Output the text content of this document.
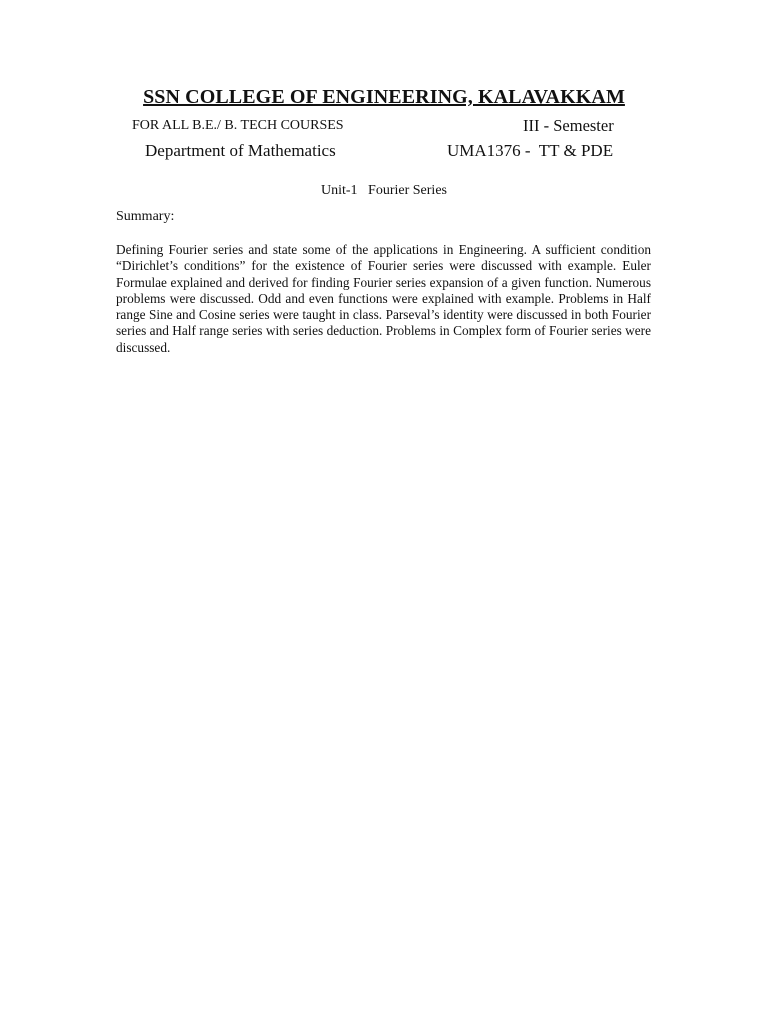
SSN COLLEGE OF ENGINEERING, KALAVAKKAM
FOR ALL B.E./ B. TECH COURSES	III - Semester
Department of Mathematics	UMA1376 -  TT & PDE
Unit-1   Fourier Series
Summary:
Defining Fourier series and state some of the applications in Engineering. A sufficient condition “Dirichlet’s conditions” for the existence of Fourier series were discussed with example. Euler Formulae explained and derived for finding Fourier series expansion of a given function. Numerous problems were discussed. Odd and even functions were explained with example. Problems in Half range Sine and Cosine series were taught in class. Parseval’s identity were discussed in both Fourier series and Half range series with series deduction. Problems in Complex form of Fourier series were discussed.
